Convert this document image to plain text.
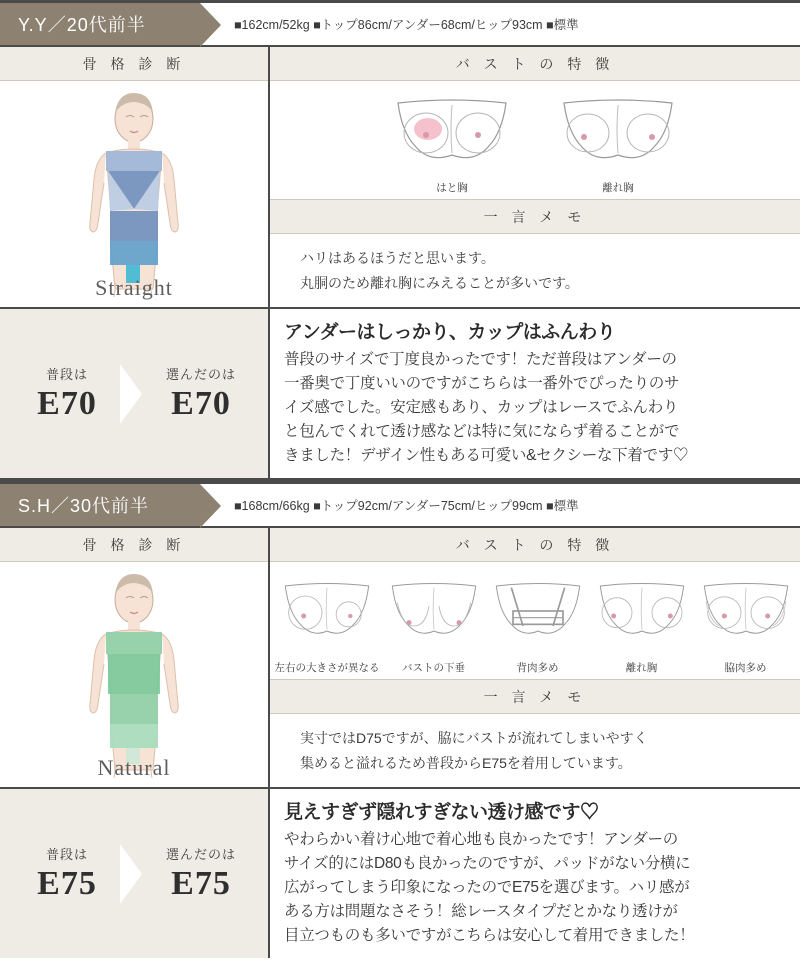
Y.Y／20代前半	■162cm/52kg ■トップ86cm/アンダー68cm/ヒップ93cm ■標準
骨 格 診 断
Straight
バ ス ト の 特 徴
はと胸	離れ胸
一 言 メ モ
ハリはあるほうだと思います。
丸胴のため離れ胸にみえることが多いです。
普段は
E70
選んだのは
E70
アンダーはしっかり、カップはふんわり
普段のサイズで丁度良かったです！ただ普段はアンダーの
一番奥で丁度いいのですがこちらは一番外でぴったりのサ
イズ感でした。安定感もあり、カップはレースでふんわり
と包んでくれて透け感などは特に気にならず着ることがで
きました！デザイン性もある可愛い&セクシーな下着です♡
S.H／30代前半	■168cm/66kg ■トップ92cm/アンダー75cm/ヒップ99cm ■標準
骨 格 診 断
Natural
バ ス ト の 特 徴
左右の大きさが異なる バストの下垂	背肉多め	離れ胸	脇肉多め
一 言 メ モ
実寸ではD75ですが、脇にバストが流れてしまいやすく
集めると溢れるため普段からE75を着用しています。
普段は
E75
選んだのは
E75
見えすぎず隠れすぎない透け感です♡
やわらかい着け心地で着心地も良かったです！アンダーの
サイズ的にはD80も良かったのですが、パッドがない分横に
広がってしまう印象になったのでE75を選びます。ハリ感が
ある方は問題なさそう！総レースタイプだとかなり透けが
目立つものも多いですがこちらは安心して着用できました！
